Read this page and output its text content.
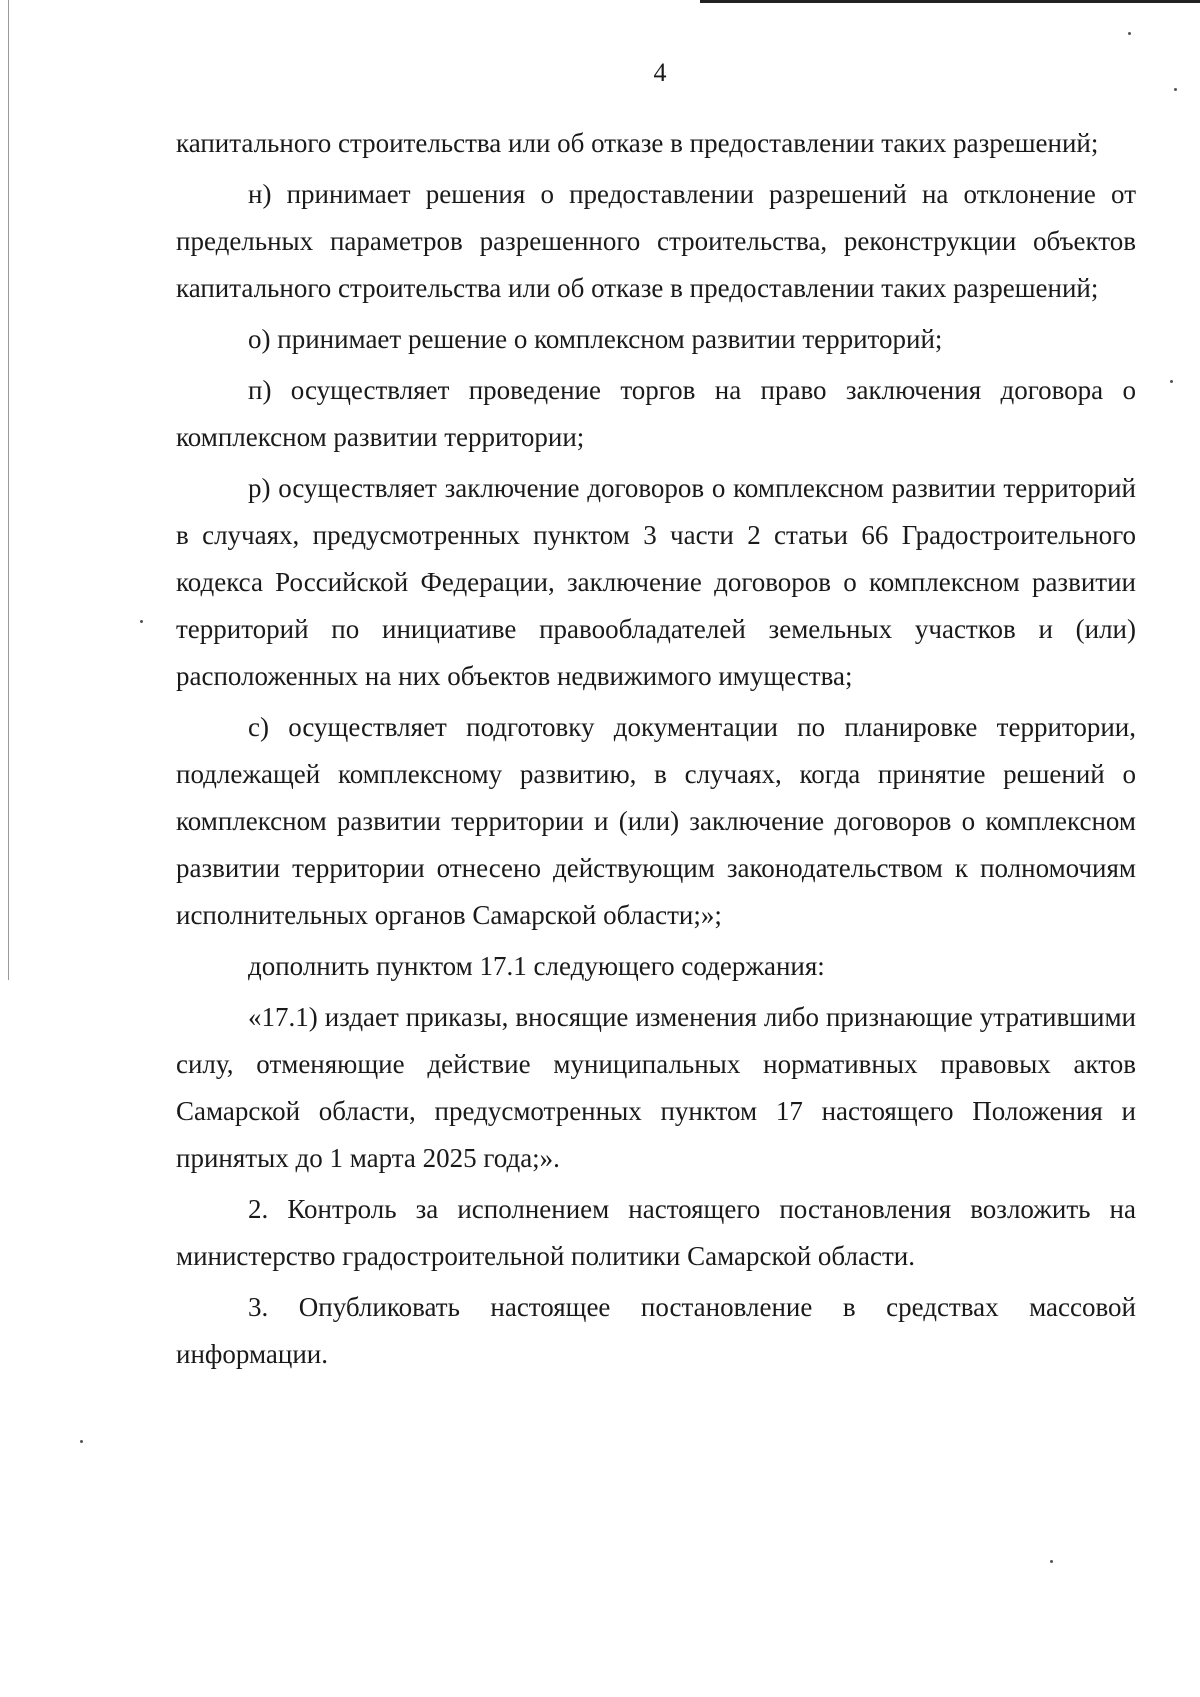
4

капитального строительства или об отказе в предоставлении таких разрешений;

н) принимает решения о предоставлении разрешений на отклонение от предельных параметров разрешенного строительства, реконструкции объектов капитального строительства или об отказе в предоставлении таких разрешений;

о) принимает решение о комплексном развитии территорий;

п) осуществляет проведение торгов на право заключения договора о комплексном развитии территории;

р) осуществляет заключение договоров о комплексном развитии территорий в случаях, предусмотренных пунктом 3 части 2 статьи 66 Градостроительного кодекса Российской Федерации, заключение договоров о комплексном развитии территорий по инициативе правообладателей земельных участков и (или) расположенных на них объектов недвижимого имущества;

с) осуществляет подготовку документации по планировке территории, подлежащей комплексному развитию, в случаях, когда принятие решений о комплексном развитии территории и (или) заключение договоров о комплексном развитии территории отнесено действующим законодательством к полномочиям исполнительных органов Самарской области;»;

дополнить пунктом 17.1 следующего содержания:

«17.1) издает приказы, вносящие изменения либо признающие утратившими силу, отменяющие действие муниципальных нормативных правовых актов Самарской области, предусмотренных пунктом 17 настоящего Положения и принятых до 1 марта 2025 года;».

2. Контроль за исполнением настоящего постановления возложить на министерство градостроительной политики Самарской области.

3. Опубликовать настоящее постановление в средствах массовой информации.
